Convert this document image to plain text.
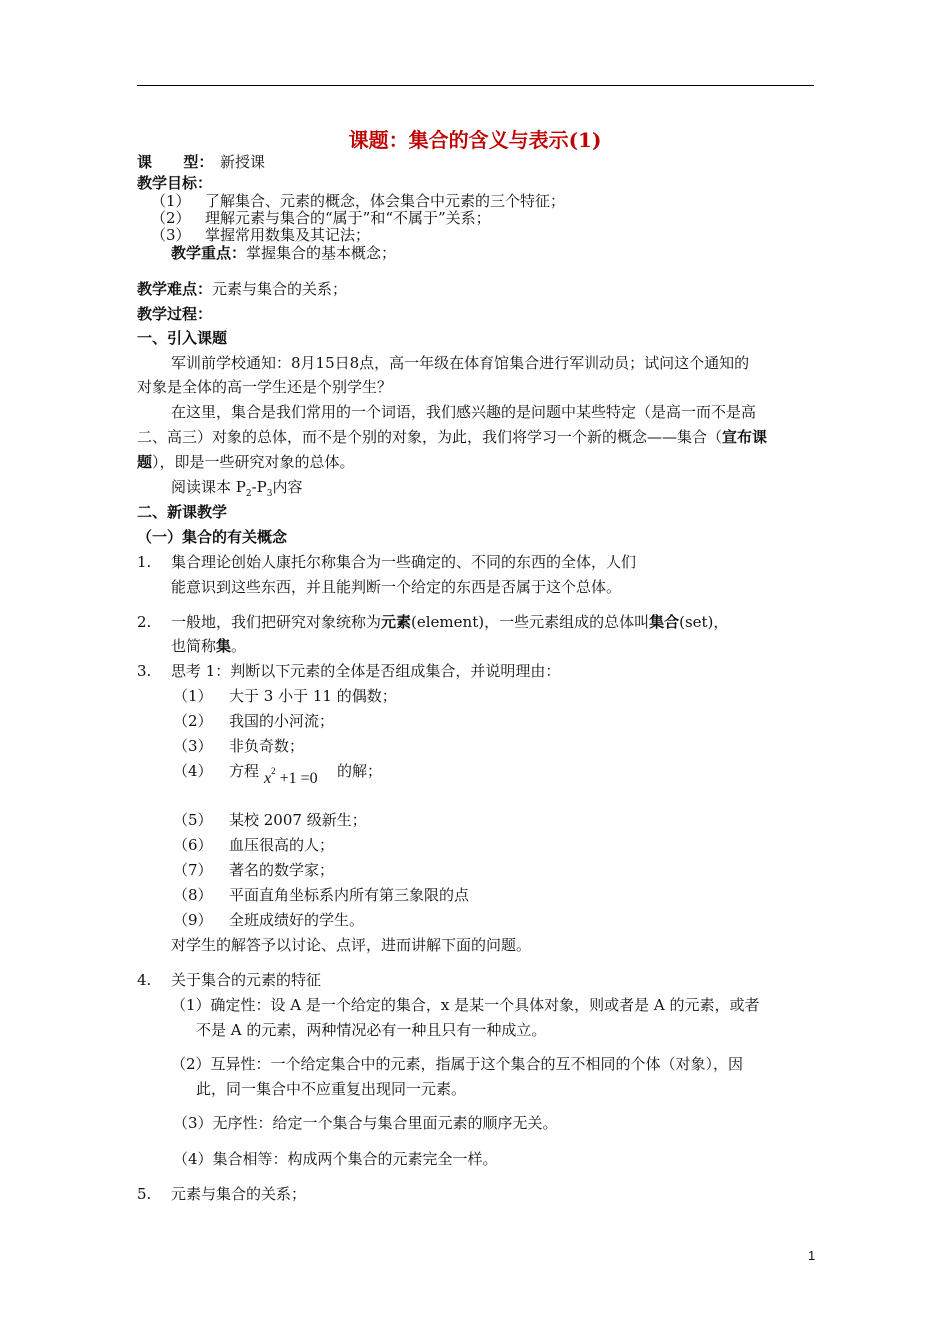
课题：集合的含义与表示(1)
课      型： 新授课
教学目标：
（1） 了解集合、元素的概念，体会集合中元素的三个特征；
（2） 理解元素与集合的“属于”和“不属于”关系；
（3） 掌握常用数集及其记法；
教学重点：掌握集合的基本概念；
教学难点：元素与集合的关系；
教学过程：
一、引入课题
军训前学校通知：8月15日8点，高一年级在体育馆集合进行军训动员；试问这个通知的
对象是全体的高一学生还是个别学生？
在这里，集合是我们常用的一个词语，我们感兴趣的是问题中某些特定（是高一而不是高
二、高三）对象的总体，而不是个别的对象，为此，我们将学习一个新的概念——集合（宣布课
题），即是一些研究对象的总体。
阅读课本 $P_2-P_3$内容
二、新课教学
（一）集合的有关概念
1. 集合理论创始人康托尔称集合为一些确定的、不同的东西的全体，人们
能意识到这些东西，并且能判断一个给定的东西是否属于这个总体。
2. 一般地，我们把研究对象统称为元素(element)，一些元素组成的总体叫集合(set)，
也简称集。
3. 思考 1：判断以下元素的全体是否组成集合，并说明理由：
（1） 大于 3 小于 11 的偶数；
（2） 我国的小河流；
（3） 非负奇数；
（4） 方程 $x^2 +1 =0$ 的解；
（5） 某校 2007 级新生；
（6） 血压很高的人；
（7） 著名的数学家；
（8） 平面直角坐标系内所有第三象限的点
（9） 全班成绩好的学生。
对学生的解答予以讨论、点评，进而讲解下面的问题。
4. 关于集合的元素的特征
（1）确定性：设 A 是一个给定的集合，x 是某一个具体对象，则或者是 A 的元素，或者
不是 A 的元素，两种情况必有一种且只有一种成立。
（2）互异性：一个给定集合中的元素，指属于这个集合的互不相同的个体（对象），因
此，同一集合中不应重复出现同一元素。
（3）无序性：给定一个集合与集合里面元素的顺序无关。
（4）集合相等：构成两个集合的元素完全一样。
5. 元素与集合的关系；
1
